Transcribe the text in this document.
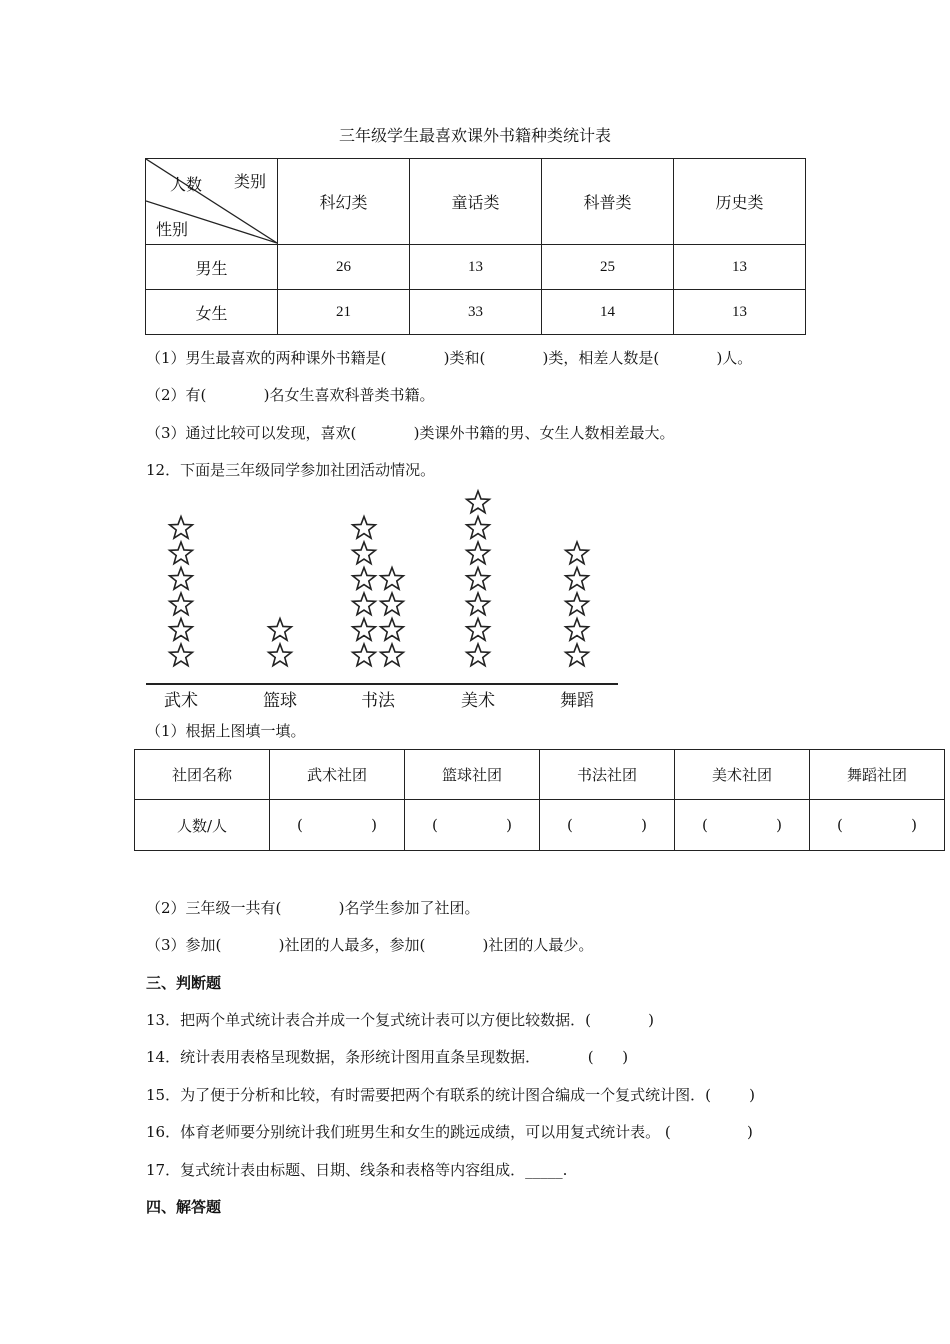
三年级学生最喜欢课外书籍种类统计表
类别
人数
性别	科幻类	童话类	科普类	历史类
男生	26	13	25	13
女生	21	33	14	13
（1）男生最喜欢的两种课外书籍是(            )类和(            )类，相差人数是(            )人。
（2）有(            )名女生喜欢科普类书籍。
（3）通过比较可以发现，喜欢(            )类课外书籍的男、女生人数相差最大。
12．下面是三年级同学参加社团活动情况。
武术	篮球	书法	美术	舞蹈
（1）根据上图填一填。
社团名称	武术社团	篮球社团	书法社团	美术社团	舞蹈社团
人数/人	( )	( )	( )	( )	( )
（2）三年级一共有(            )名学生参加了社团。
（3）参加(            )社团的人最多，参加(            )社团的人最少。
三、判断题
13．把两个单式统计表合并成一个复式统计表可以方便比较数据．(            )
14．统计表用表格呈现数据，条形统计图用直条呈现数据．          (      )
15．为了便于分析和比较，有时需要把两个有联系的统计图合编成一个复式统计图．(        )
16．体育老师要分别统计我们班男生和女生的跳远成绩，可以用复式统计表。 (                )
17．复式统计表由标题、日期、线条和表格等内容组成．_____.
四、解答题
